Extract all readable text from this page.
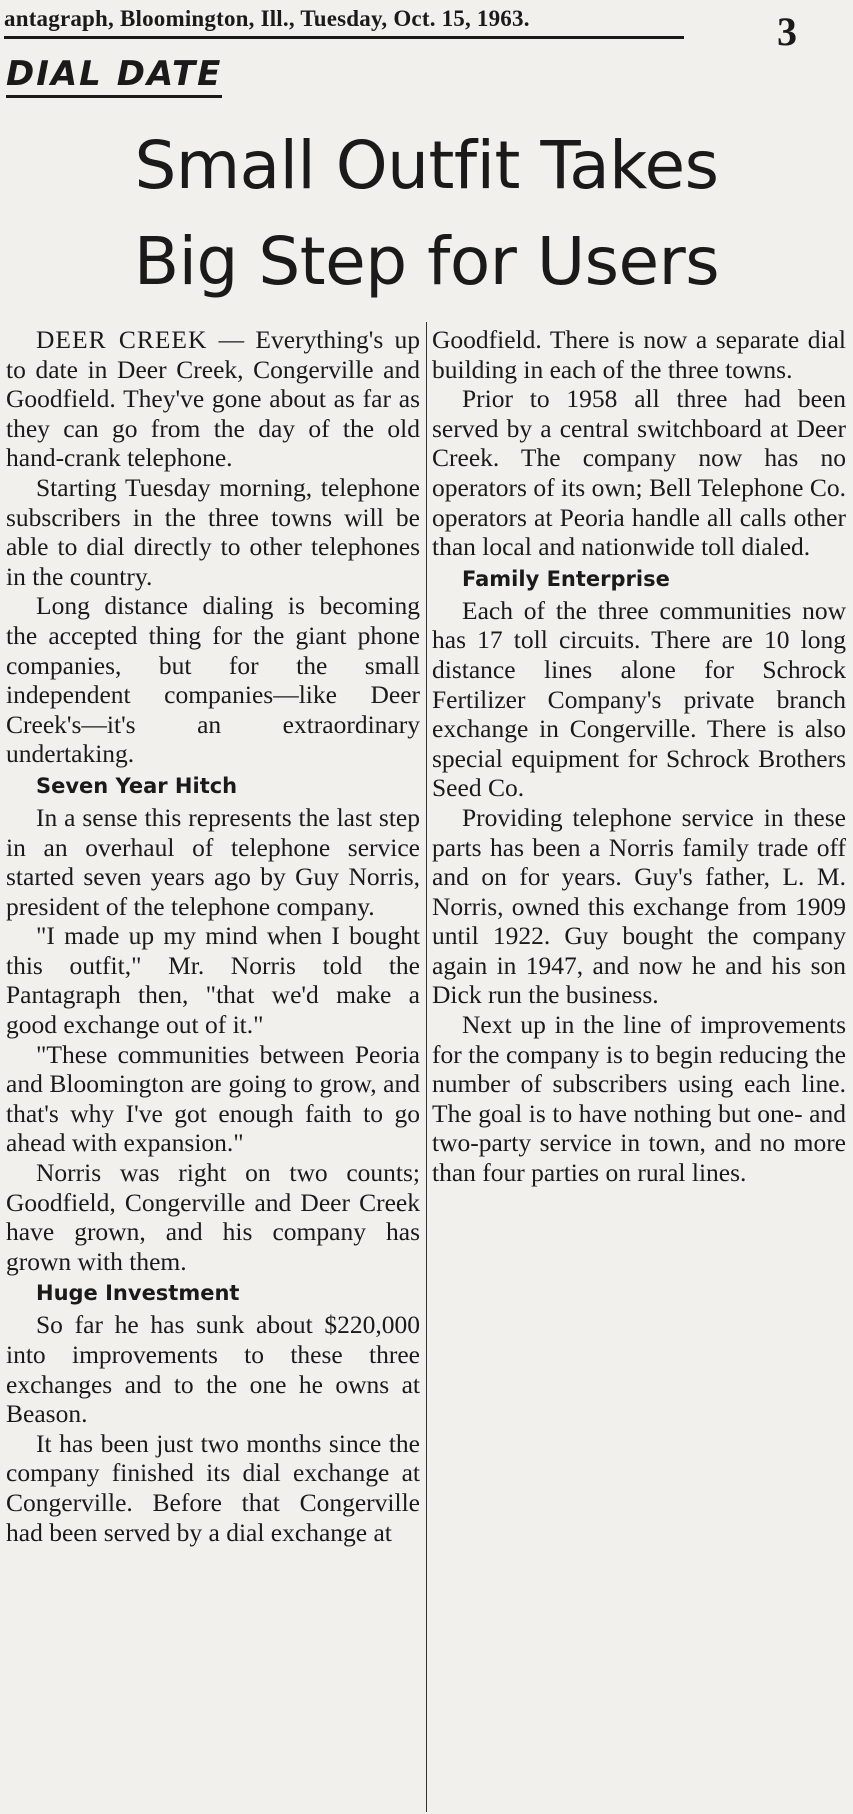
antagraph, Bloomington, Ill., Tuesday, Oct. 15, 1963.	3
DIAL DATE
Small Outfit Takes
Big Step for Users

DEER CREEK — Everything's up to date in Deer Creek, Congerville and Goodfield. They've gone about as far as they can go from the day of the old hand-crank telephone.

Starting Tuesday morning, telephone subscribers in the three towns will be able to dial directly to other telephones in the country.

Long distance dialing is becoming the accepted thing for the giant phone companies, but for the small independent companies—like Deer Creek's—it's an extraordinary undertaking.

Seven Year Hitch

In a sense this represents the last step in an overhaul of telephone service started seven years ago by Guy Norris, president of the telephone company.

"I made up my mind when I bought this outfit," Mr. Norris told the Pantagraph then, "that we'd make a good exchange out of it."

"These communities between Peoria and Bloomington are going to grow, and that's why I've got enough faith to go ahead with expansion."

Norris was right on two counts; Goodfield, Congerville and Deer Creek have grown, and his company has grown with them.

Huge Investment

So far he has sunk about $220,000 into improvements to these three exchanges and to the one he owns at Beason.

It has been just two months since the company finished its dial exchange at Congerville. Before that Congerville had been served by a dial exchange at

Goodfield. There is now a separate dial building in each of the three towns.

Prior to 1958 all three had been served by a central switchboard at Deer Creek. The company now has no operators of its own; Bell Telephone Co. operators at Peoria handle all calls other than local and nationwide toll dialed.

Family Enterprise

Each of the three communities now has 17 toll circuits. There are 10 long distance lines alone for Schrock Fertilizer Company's private branch exchange in Congerville. There is also special equipment for Schrock Brothers Seed Co.

Providing telephone service in these parts has been a Norris family trade off and on for years. Guy's father, L. M. Norris, owned this exchange from 1909 until 1922. Guy bought the company again in 1947, and now he and his son Dick run the business.

Next up in the line of improvements for the company is to begin reducing the number of subscribers using each line. The goal is to have nothing but one- and two-party service in town, and no more than four parties on rural lines.
